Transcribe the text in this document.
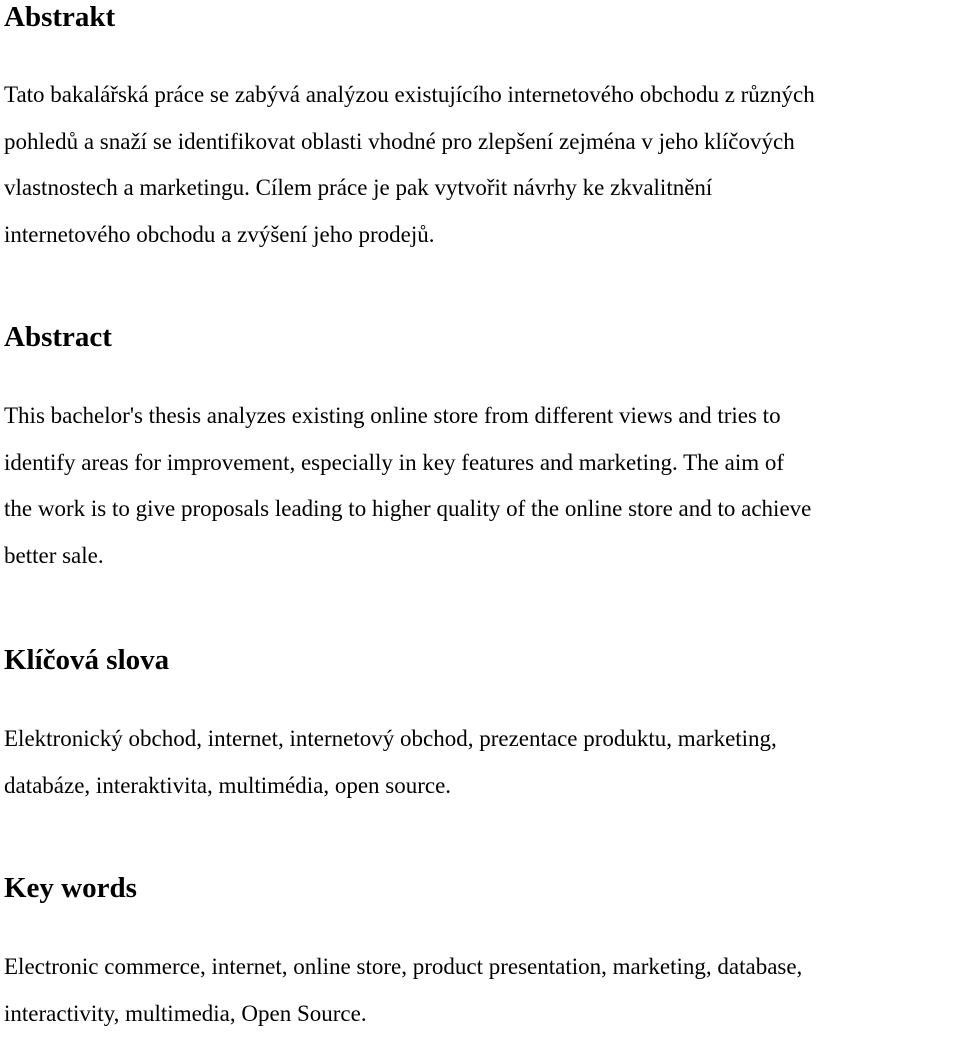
Abstrakt

Tato bakalářská práce se zabývá analýzou existujícího internetového obchodu z různých
pohledů a snaží se identifikovat oblasti vhodné pro zlepšení zejména v jeho klíčových
vlastnostech a marketingu. Cílem práce je pak vytvořit návrhy ke zkvalitnění
internetového obchodu a zvýšení jeho prodejů.

Abstract

This bachelor's thesis analyzes existing online store from different views and tries to
identify areas for improvement, especially in key features and marketing. The aim of
the work is to give proposals leading to higher quality of the online store and to achieve
better sale.

Klíčová slova

Elektronický obchod, internet, internetový obchod, prezentace produktu, marketing,
databáze, interaktivita, multimédia, open source.

Key words

Electronic commerce, internet, online store, product presentation, marketing, database,
interactivity, multimedia, Open Source.
